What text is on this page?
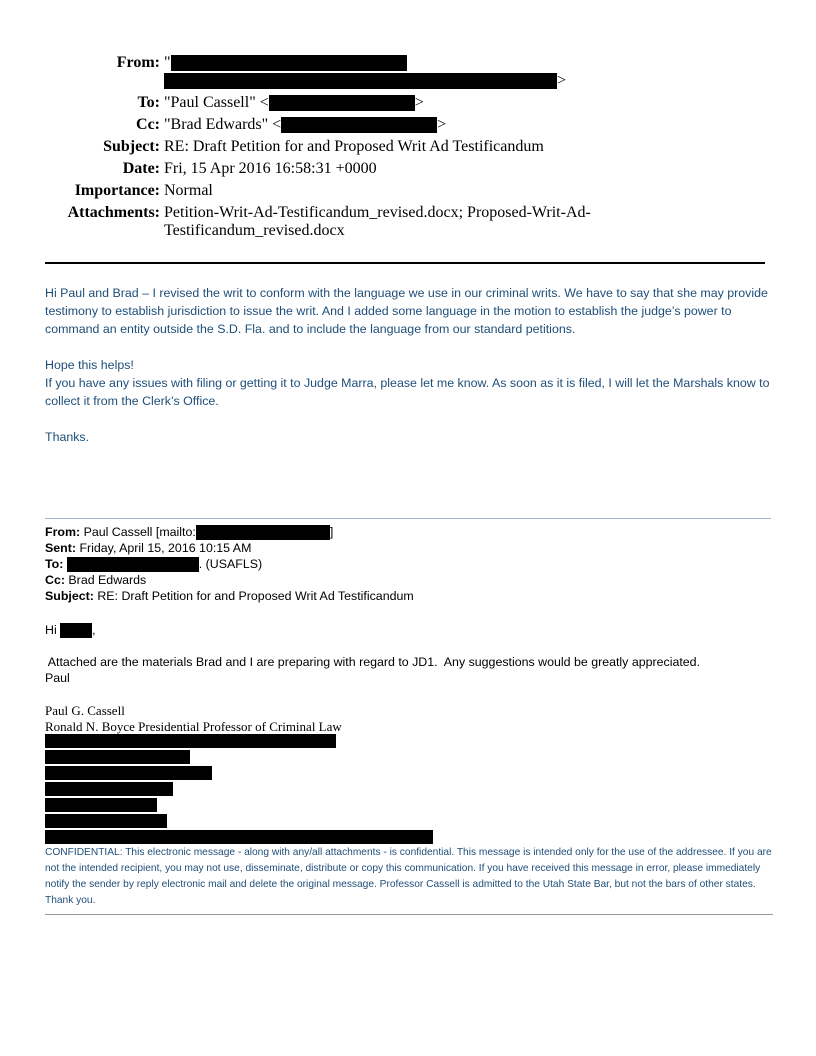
From: "
>
To: "Paul Cassell" <	>
Cc: "Brad Edwards" <	>
Subject: RE: Draft Petition for and Proposed Writ Ad Testificandum
Date: Fri, 15 Apr 2016 16:58:31 +0000
Importance: Normal
Attachments: Petition-Writ-Ad-Testificandum_revised.docx; Proposed-Writ-Ad-
Testificandum_revised.docx

Hi Paul and Brad – I revised the writ to conform with the language we use in our criminal writs. We have to say that she may provide testimony to establish jurisdiction to issue the writ. And I added some language in the motion to establish the judge’s power to command an entity outside the S.D. Fla. and to include the language from our standard petitions.

Hope this helps!

If you have any issues with filing or getting it to Judge Marra, please let me know. As soon as it is filed, I will let the Marshals know to collect it from the Clerk’s Office.

Thanks.

From: Paul Cassell [mailto:	]
Sent: Friday, April 15, 2016 10:15 AM
To:	. (USAFLS)
Cc: Brad Edwards
Subject: RE: Draft Petition for and Proposed Writ Ad Testificandum
Hi	,
Attached are the materials Brad and I are preparing with regard to JD1.  Any suggestions would be greatly appreciated.
Paul
Paul G. Cassell
Ronald N. Boyce Presidential Professor of Criminal Law
CONFIDENTIAL: This electronic message - along with any/all attachments - is confidential. This message is intended only for the use of the addressee. If you are not the intended recipient, you may not use, disseminate, distribute or copy this communication. If you have received this message in error, please immediately notify the sender by reply electronic mail and delete the original message. Professor Cassell is admitted to the Utah State Bar, but not the bars of other states. Thank you.
